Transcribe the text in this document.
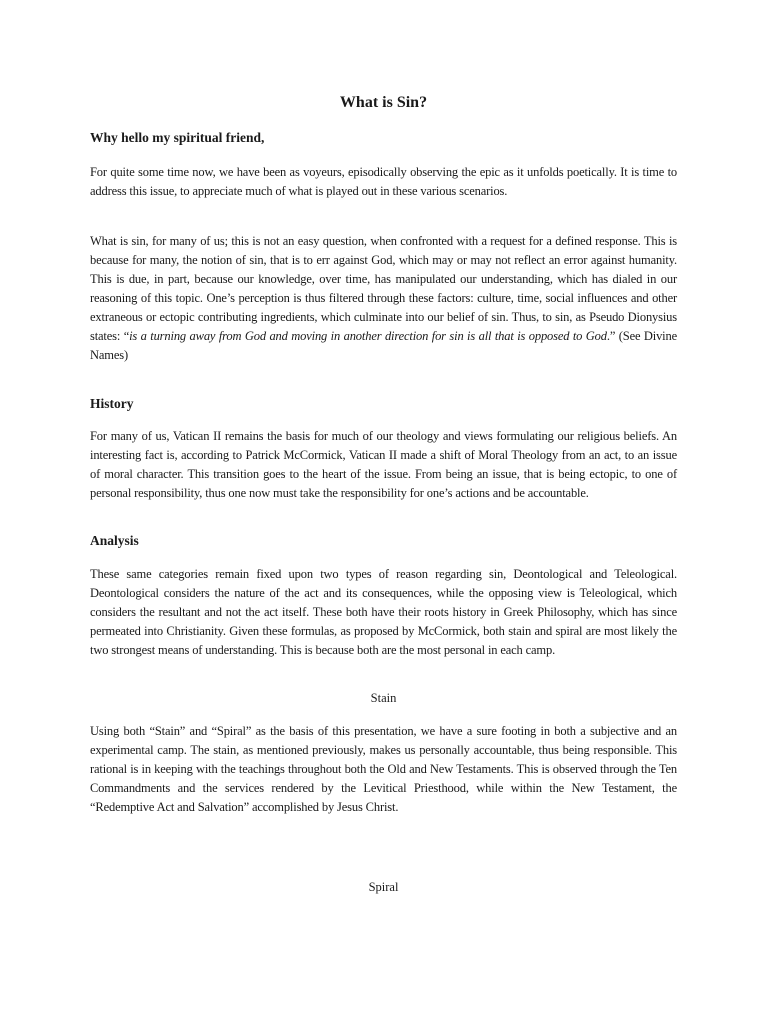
What is Sin?

Why hello my spiritual friend,

For quite some time now, we have been as voyeurs, episodically observing the epic as it unfolds poetically. It is time to address this issue, to appreciate much of what is played out in these various scenarios.

What is sin, for many of us; this is not an easy question, when confronted with a request for a defined response. This is because for many, the notion of sin, that is to err against God, which may or may not reflect an error against humanity. This is due, in part, because our knowledge, over time, has manipulated our understanding, which has dialed in our reasoning of this topic. One’s perception is thus filtered through these factors: culture, time, social influences and other extraneous or ectopic contributing ingredients, which culminate into our belief of sin. Thus, to sin, as Pseudo Dionysius states: “is a turning away from God and moving in another direction for sin is all that is opposed to God.” (See Divine Names)

History

For many of us, Vatican II remains the basis for much of our theology and views formulating our religious beliefs. An interesting fact is, according to Patrick McCormick, Vatican II made a shift of Moral Theology from an act, to an issue of moral character. This transition goes to the heart of the issue. From being an issue, that is being ectopic, to one of personal responsibility, thus one now must take the responsibility for one’s actions and be accountable.

Analysis

These same categories remain fixed upon two types of reason regarding sin, Deontological and Teleological. Deontological considers the nature of the act and its consequences, while the opposing view is Teleological, which considers the resultant and not the act itself. These both have their roots history in Greek Philosophy, which has since permeated into Christianity. Given these formulas, as proposed by McCormick, both stain and spiral are most likely the two strongest means of understanding. This is because both are the most personal in each camp.

Stain

Using both “Stain” and “Spiral” as the basis of this presentation, we have a sure footing in both a subjective and an experimental camp. The stain, as mentioned previously, makes us personally accountable, thus being responsible. This rational is in keeping with the teachings throughout both the Old and New Testaments. This is observed through the Ten Commandments and the services rendered by the Levitical Priesthood, while within the New Testament, the “Redemptive Act and Salvation” accomplished by Jesus Christ.

Spiral
